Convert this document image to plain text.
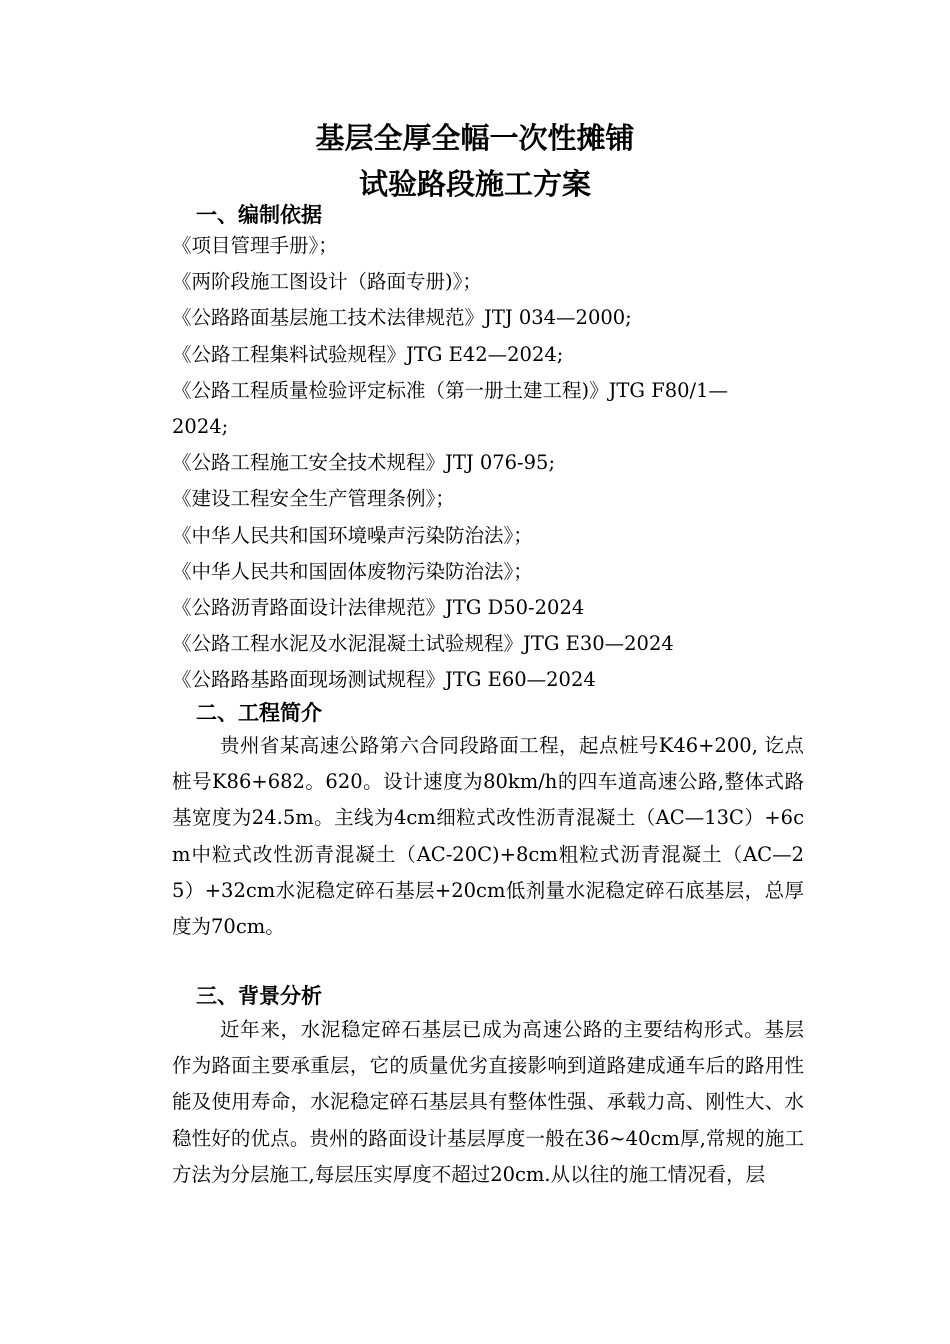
基层全厚全幅一次性摊铺
试验路段施工方案
一、编制依据
《项目管理手册》；
《两阶段施工图设计（路面专册)》；
《公路路面基层施工技术法律规范》JTJ 034—2000;
《公路工程集料试验规程》JTG E42—2024;
《公路工程质量检验评定标准（第一册土建工程)》JTG F80/1—2024;
《公路工程施工安全技术规程》JTJ 076-95;
《建设工程安全生产管理条例》；
《中华人民共和国环境噪声污染防治法》；
《中华人民共和国固体废物污染防治法》；
《公路沥青路面设计法律规范》JTG D50-2024
《公路工程水泥及水泥混凝土试验规程》JTG E30—2024
《公路路基路面现场测试规程》JTG E60—2024
二、工程简介

贵州省某高速公路第六合同段路面工程，起点桩号K46+200, 讫点桩号K86+682。620。设计速度为80km/h的四车道高速公路,整体式路基宽度为24.5m。主线为4cm细粒式改性沥青混凝土（AC—13C）+6cm中粒式改性沥青混凝土（AC-20C)+8cm粗粒式沥青混凝土（AC—25）+32cm水泥稳定碎石基层+20cm低剂量水泥稳定碎石底基层，总厚度为70cm。

三、背景分析

近年来，水泥稳定碎石基层已成为高速公路的主要结构形式。基层作为路面主要承重层，它的质量优劣直接影响到道路建成通车后的路用性能及使用寿命，水泥稳定碎石基层具有整体性强、承载力高、刚性大、水稳性好的优点。贵州的路面设计基层厚度一般在36~40cm厚,常规的施工方法为分层施工,每层压实厚度不超过20cm.从以往的施工情况看，层
